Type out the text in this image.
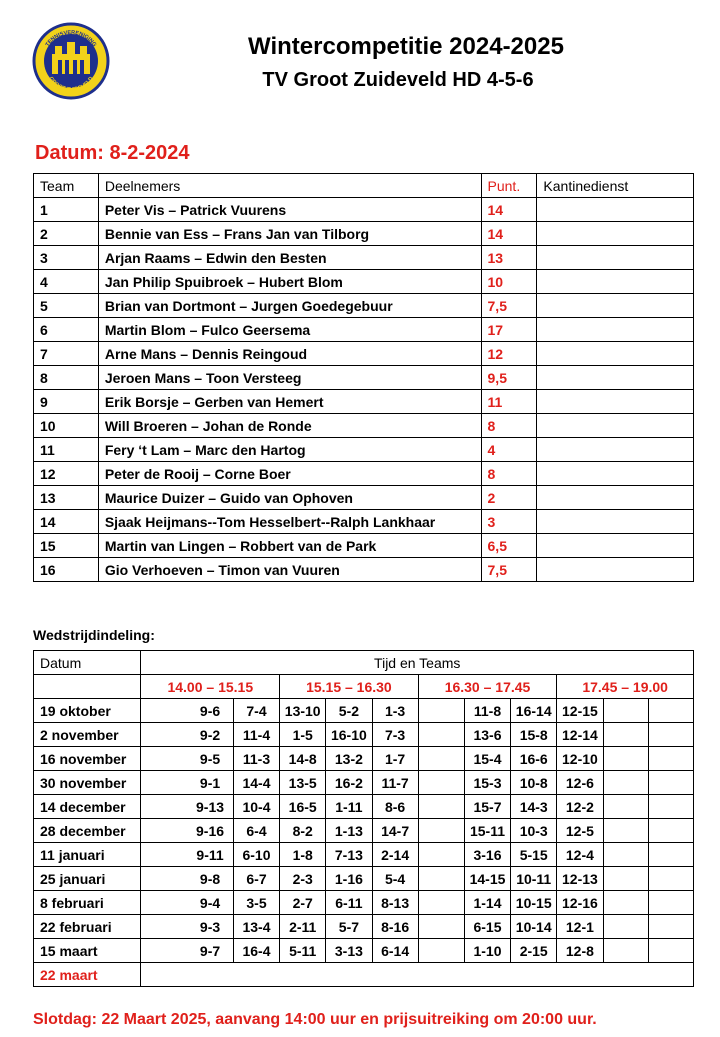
TENNISVERENIGING
GROOT ZUIDEVELD
Wintercompetitie 2024-2025
TV Groot Zuideveld HD 4-5-6
Datum: 8-2-2024
Team	Deelnemers	Punt.	Kantinedienst
1	Peter Vis – Patrick Vuurens	14	
2	Bennie van Ess – Frans Jan van Tilborg	14	
3	Arjan Raams – Edwin den Besten	13	
4	Jan Philip Spuibroek – Hubert Blom	10	
5	Brian van Dortmont – Jurgen Goedegebuur	7,5	
6	Martin Blom – Fulco Geersema	17	
7	Arne Mans – Dennis Reingoud	12	
8	Jeroen Mans – Toon Versteeg	9,5	
9	Erik Borsje – Gerben van Hemert	11	
10	Will Broeren – Johan de Ronde	8	
11	Fery ‘t Lam – Marc den Hartog	4	
12	Peter de Rooij – Corne Boer	8	
13	Maurice Duizer – Guido van Ophoven	2	
14	Sjaak Heijmans--Tom Hesselbert--Ralph Lankhaar	3	
15	Martin van Lingen – Robbert van de Park	6,5	
16	Gio Verhoeven – Timon van Vuuren	7,5	
Wedstrijdindeling:
Datum	Tijd en Teams											
	14.00 – 15.15			15.15 – 16.30			16.30 – 17.45			17.45 – 19.00		
19 oktober		9-6	7-4	13-10	5-2	1-3		11-8	16-14	12-15		
2 november		9-2	11-4	1-5	16-10	7-3		13-6	15-8	12-14		
16 november		9-5	11-3	14-8	13-2	1-7		15-4	16-6	12-10		
30 november		9-1	14-4	13-5	16-2	11-7		15-3	10-8	12-6		
14 december		9-13	10-4	16-5	1-11	8-6		15-7	14-3	12-2		
28 december		9-16	6-4	8-2	1-13	14-7		15-11	10-3	12-5		
11 januari		9-11	6-10	1-8	7-13	2-14		3-16	5-15	12-4		
25 januari		9-8	6-7	2-3	1-16	5-4		14-15	10-11	12-13		
8 februari		9-4	3-5	2-7	6-11	8-13		1-14	10-15	12-16		
22 februari		9-3	13-4	2-11	5-7	8-16		6-15	10-14	12-1		
15 maart		9-7	16-4	5-11	3-13	6-14		1-10	2-15	12-8		
22 maart												
Slotdag: 22 Maart 2025, aanvang 14:00 uur en prijsuitreiking om 20:00 uur.
